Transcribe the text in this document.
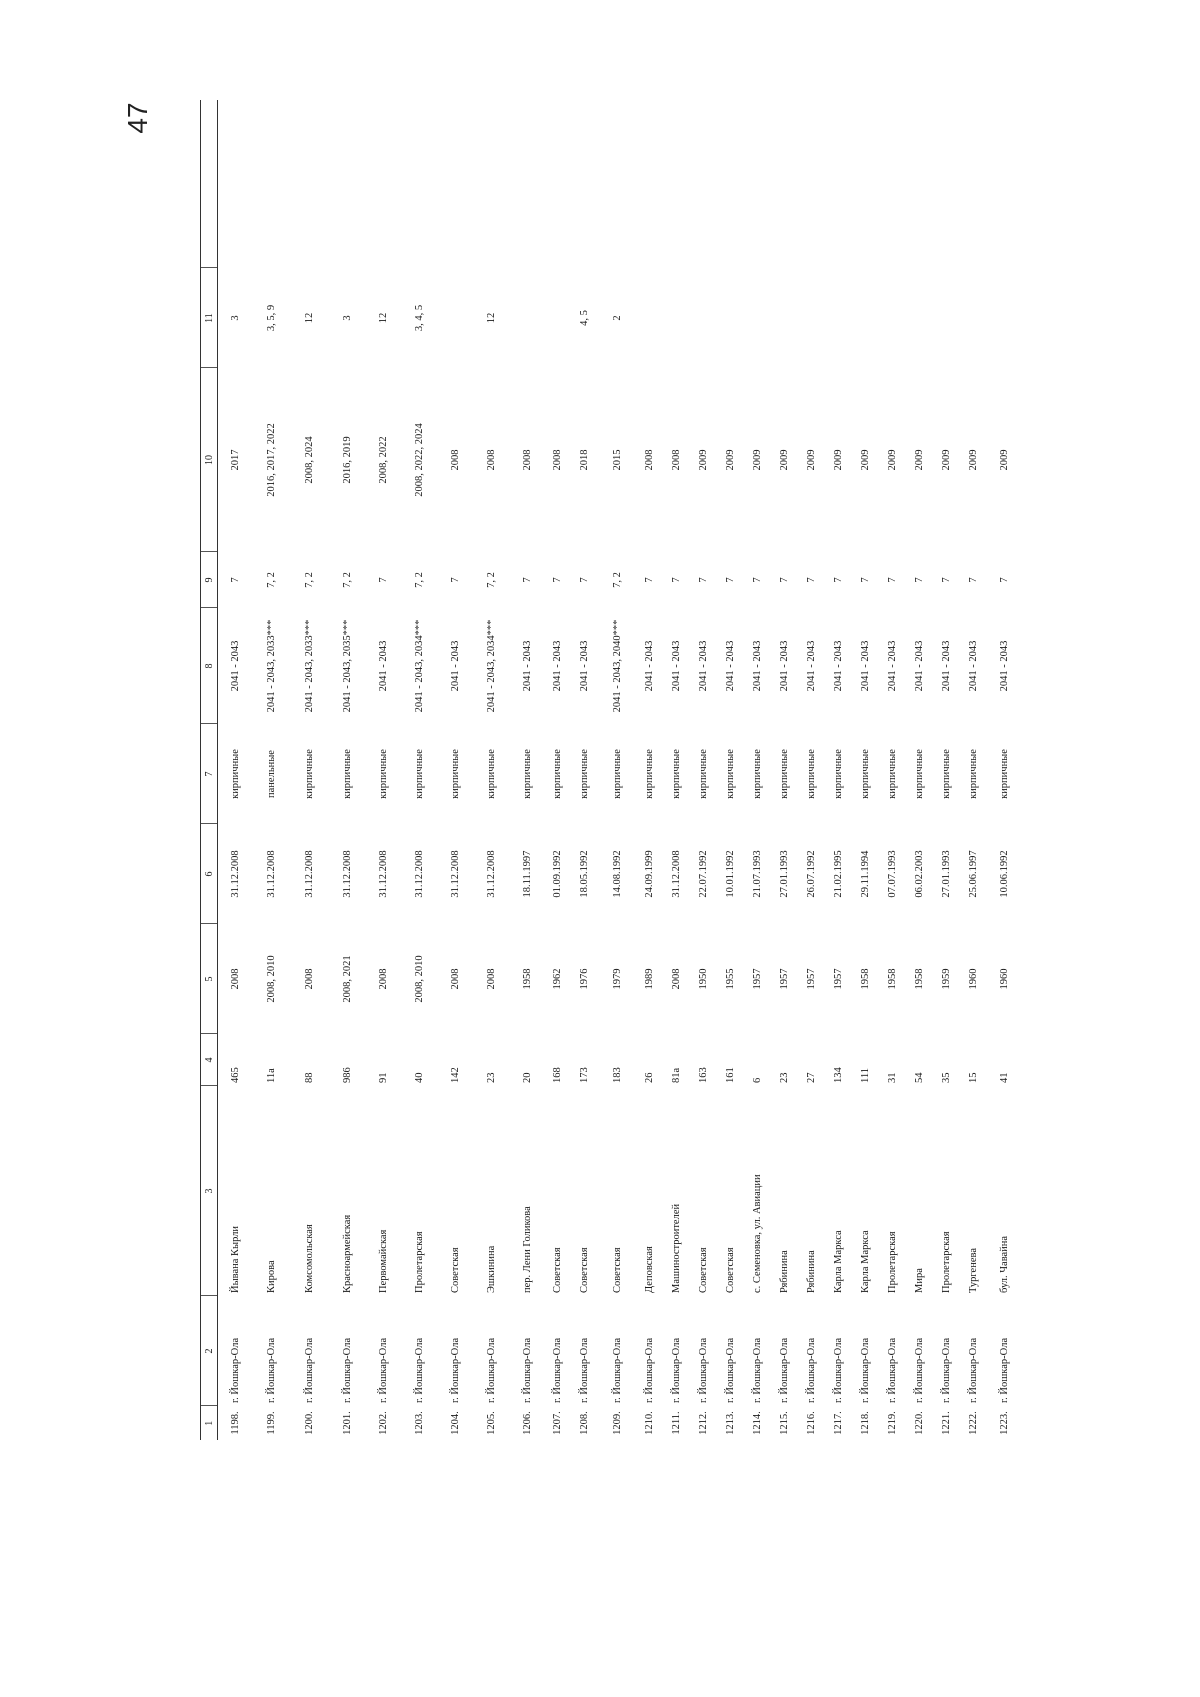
47
1	2	3	4	5	6	7	8	9	10	11	
1198.	г. Йошкар-Ола	Йывана Кырли	465	2008	31.12.2008	кирпичные	2041 - 2043	7	2017	3	
1199.	г. Йошкар-Ола	Кирова	11а	2008, 2010	31.12.2008	панельные	2041 - 2043, 2033***	7, 2	2016, 2017, 2022	3, 5, 9	
1200.	г. Йошкар-Ола	Комсомольская	88	2008	31.12.2008	кирпичные	2041 - 2043, 2033***	7, 2	2008, 2024	12	
1201.	г. Йошкар-Ола	Красноармейская	986	2008, 2021	31.12.2008	кирпичные	2041 - 2043, 2035***	7, 2	2016, 2019	3	
1202.	г. Йошкар-Ола	Первомайская	91	2008	31.12.2008	кирпичные	2041 - 2043	7	2008, 2022	12	
1203.	г. Йошкар-Ола	Пролетарская	40	2008, 2010	31.12.2008	кирпичные	2041 - 2043, 2034***	7, 2	2008, 2022, 2024	3, 4, 5	
1204.	г. Йошкар-Ола	Советская	142	2008	31.12.2008	кирпичные	2041 - 2043	7	2008		
1205.	г. Йошкар-Ола	Эшкинина	23	2008	31.12.2008	кирпичные	2041 - 2043, 2034***	7, 2	2008	12	
1206.	г. Йошкар-Ола	пер. Лени Голикова	20	1958	18.11.1997	кирпичные	2041 - 2043	7	2008		
1207.	г. Йошкар-Ола	Советская	168	1962	01.09.1992	кирпичные	2041 - 2043	7	2008		
1208.	г. Йошкар-Ола	Советская	173	1976	18.05.1992	кирпичные	2041 - 2043	7	2018	4, 5	
1209.	г. Йошкар-Ола	Советская	183	1979	14.08.1992	кирпичные	2041 - 2043, 2040***	7, 2	2015	2	
1210.	г. Йошкар-Ола	Деповская	26	1989	24.09.1999	кирпичные	2041 - 2043	7	2008		
1211.	г. Йошкар-Ола	Машиностроителей	81а	2008	31.12.2008	кирпичные	2041 - 2043	7	2008		
1212.	г. Йошкар-Ола	Советская	163	1950	22.07.1992	кирпичные	2041 - 2043	7	2009		
1213.	г. Йошкар-Ола	Советская	161	1955	10.01.1992	кирпичные	2041 - 2043	7	2009		
1214.	г. Йошкар-Ола	с. Семеновка, ул. Авиации	6	1957	21.07.1993	кирпичные	2041 - 2043	7	2009		
1215.	г. Йошкар-Ола	Рябинина	23	1957	27.01.1993	кирпичные	2041 - 2043	7	2009		
1216.	г. Йошкар-Ола	Рябинина	27	1957	26.07.1992	кирпичные	2041 - 2043	7	2009		
1217.	г. Йошкар-Ола	Карла Маркса	134	1957	21.02.1995	кирпичные	2041 - 2043	7	2009		
1218.	г. Йошкар-Ола	Карла Маркса	111	1958	29.11.1994	кирпичные	2041 - 2043	7	2009		
1219.	г. Йошкар-Ола	Пролетарская	31	1958	07.07.1993	кирпичные	2041 - 2043	7	2009		
1220.	г. Йошкар-Ола	Мира	54	1958	06.02.2003	кирпичные	2041 - 2043	7	2009		
1221.	г. Йошкар-Ола	Пролетарская	35	1959	27.01.1993	кирпичные	2041 - 2043	7	2009		
1222.	г. Йошкар-Ола	Тургенева	15	1960	25.06.1997	кирпичные	2041 - 2043	7	2009		
1223.	г. Йошкар-Ола	бул. Чавайна	41	1960	10.06.1992	кирпичные	2041 - 2043	7	2009		
